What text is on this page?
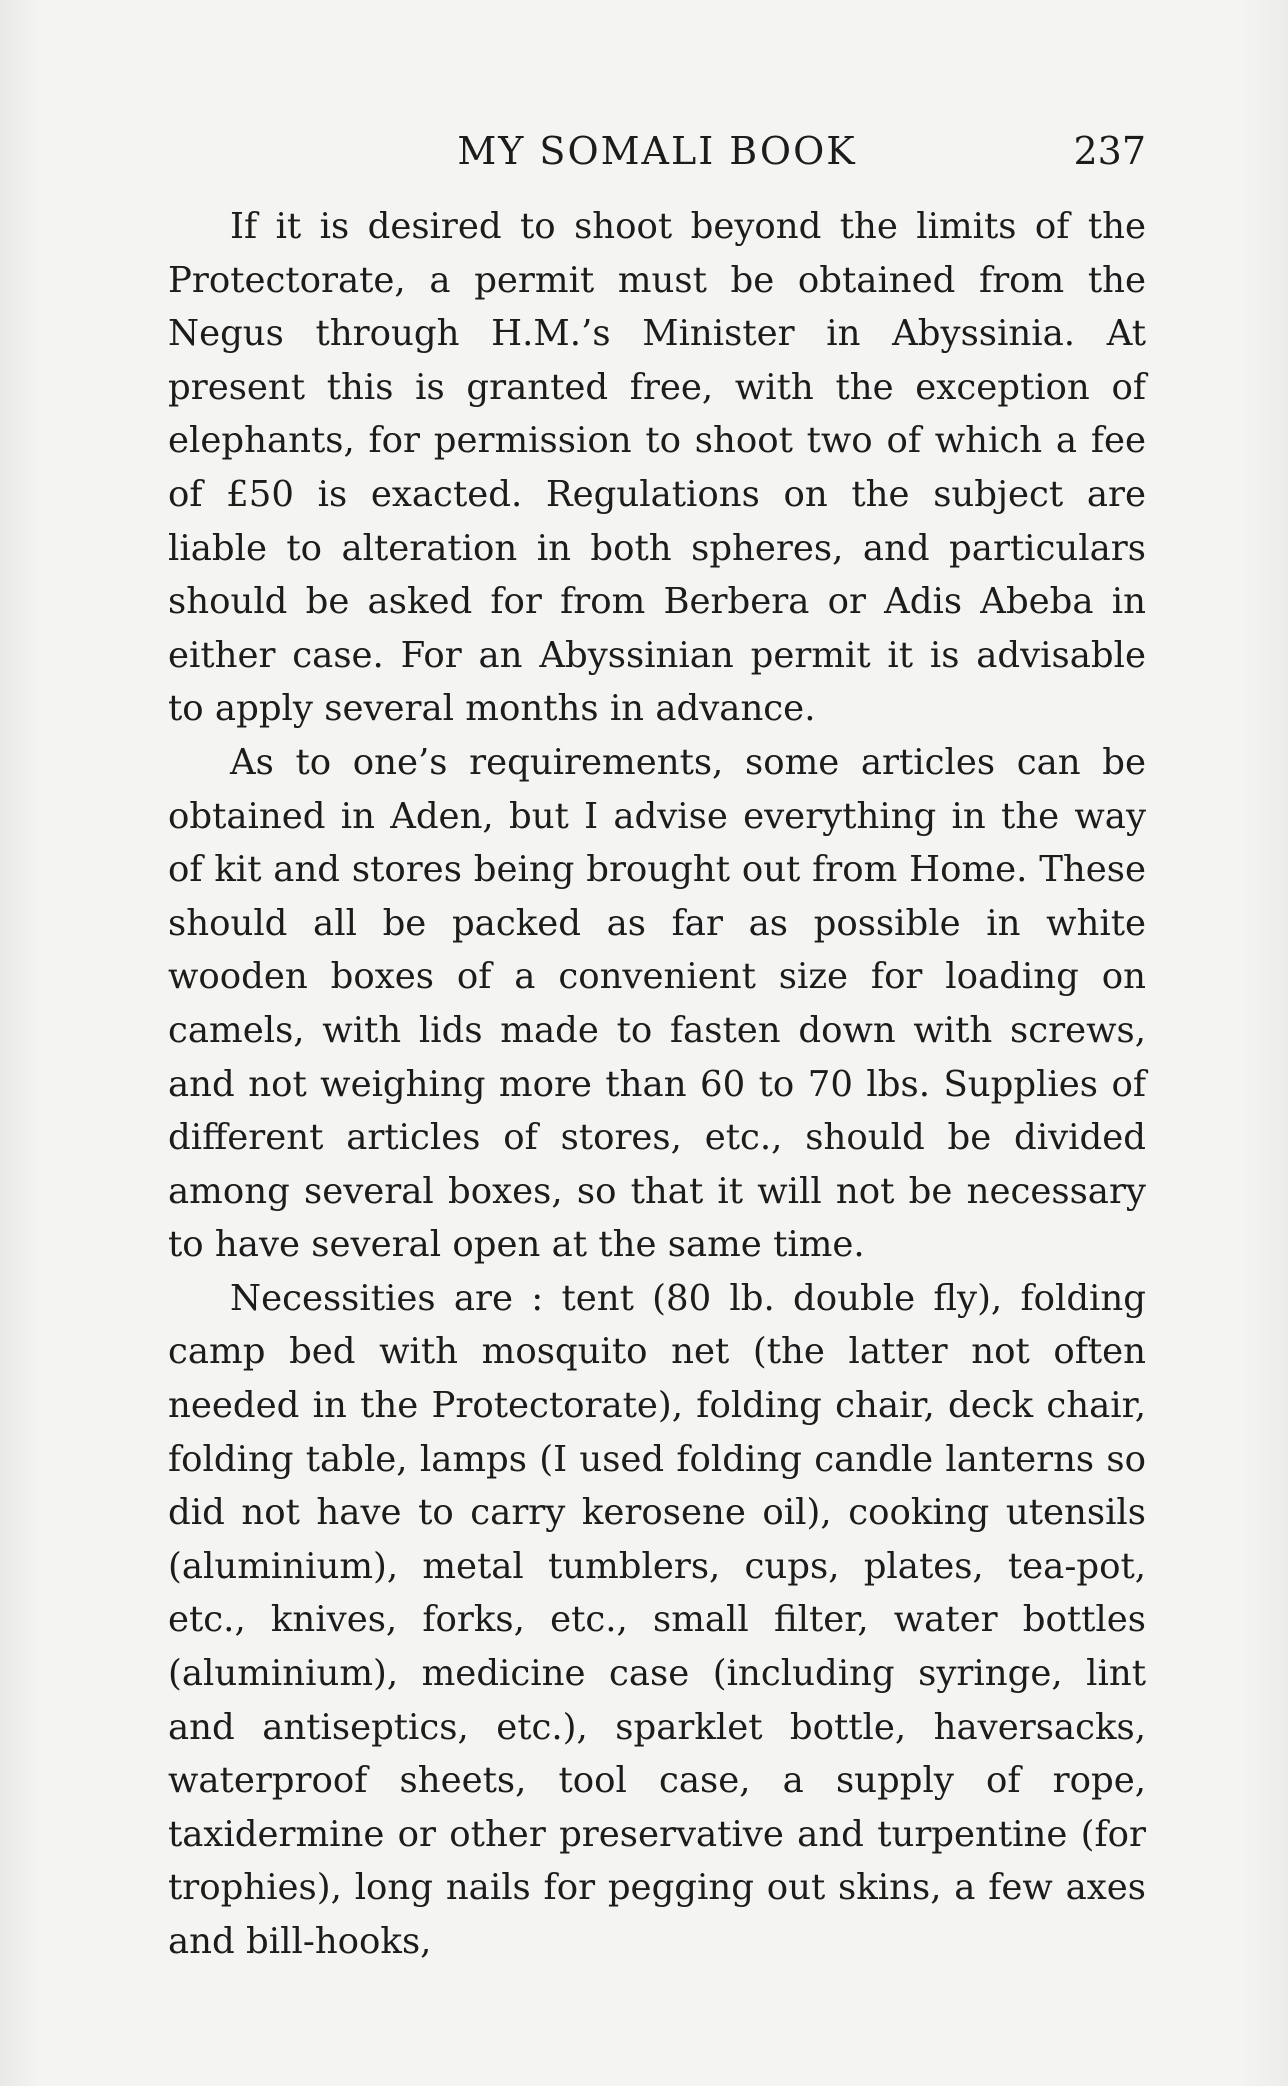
MY SOMALI BOOK	237

If it is desired to shoot beyond the limits of the Protectorate, a permit must be obtained from the Negus through H.M.’s Minister in Abyssinia. At present this is granted free, with the exception of elephants, for permission to shoot two of which a fee of £50 is exacted. Regulations on the subject are liable to alteration in both spheres, and particulars should be asked for from Berbera or Adis Abeba in either case. For an Abyssinian permit it is advisable to apply several months in advance.

As to one’s requirements, some articles can be obtained in Aden, but I advise everything in the way of kit and stores being brought out from Home. These should all be packed as far as possible in white wooden boxes of a convenient size for loading on camels, with lids made to fasten down with screws, and not weighing more than 60 to 70 lbs. Supplies of different articles of stores, etc., should be divided among several boxes, so that it will not be necessary to have several open at the same time.

Necessities are : tent (80 lb. double fly), folding camp bed with mosquito net (the latter not often needed in the Protectorate), folding chair, deck chair, folding table, lamps (I used folding candle lanterns so did not have to carry kerosene oil), cooking utensils (aluminium), metal tumblers, cups, plates, tea-pot, etc., knives, forks, etc., small filter, water bottles (aluminium), medicine case (including syringe, lint and antiseptics, etc.), sparklet bottle, haversacks, waterproof sheets, tool case, a supply of rope, taxidermine or other preservative and turpentine (for trophies), long nails for pegging out skins, a few axes and bill-hooks,
